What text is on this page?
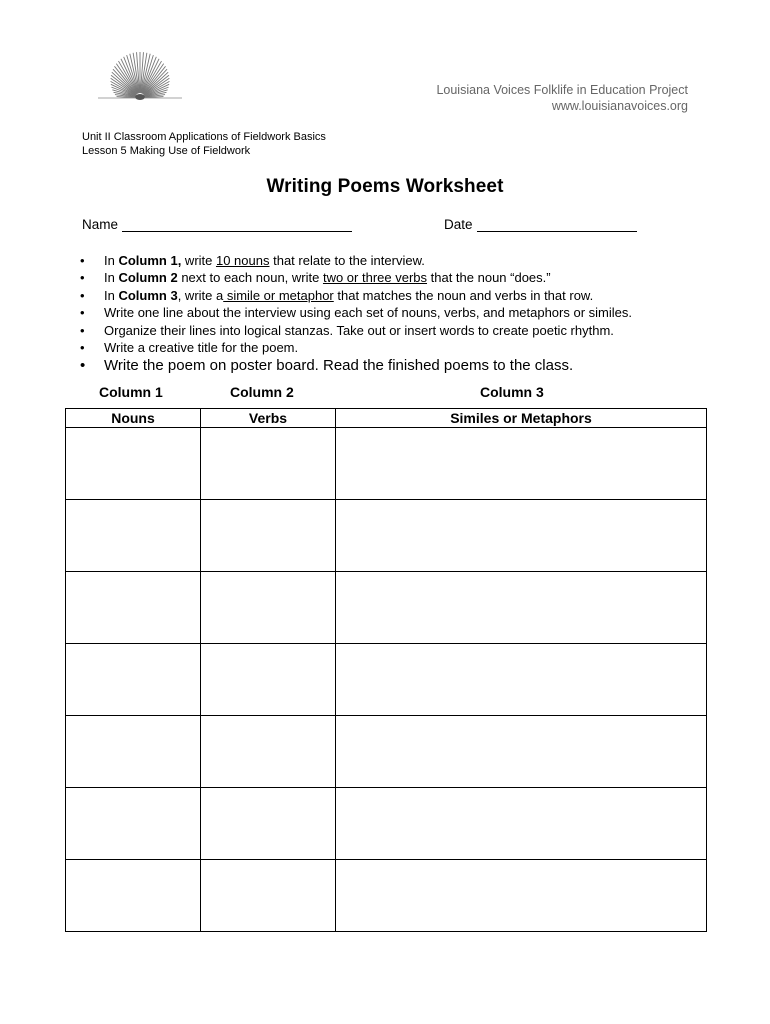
Louisiana Voices Folklife in Education Project
www.louisianavoices.org
Unit II Classroom Applications of Fieldwork Basics
Lesson 5 Making Use of Fieldwork
Writing Poems Worksheet
Name	Date
• In Column 1, write 10 nouns that relate to the interview.
• In Column 2 next to each noun, write two or three verbs that the noun “does.”
• In Column 3, write a simile or metaphor that matches the noun and verbs in that row.
• Write one line about the interview using each set of nouns, verbs, and metaphors or similes.
• Organize their lines into logical stanzas. Take out or insert words to create poetic rhythm.
• Write a creative title for the poem.
• Write the poem on poster board. Read the finished poems to the class.
Column 1	Column 2	Column 3
Nouns	Verbs	Similes or Metaphors
